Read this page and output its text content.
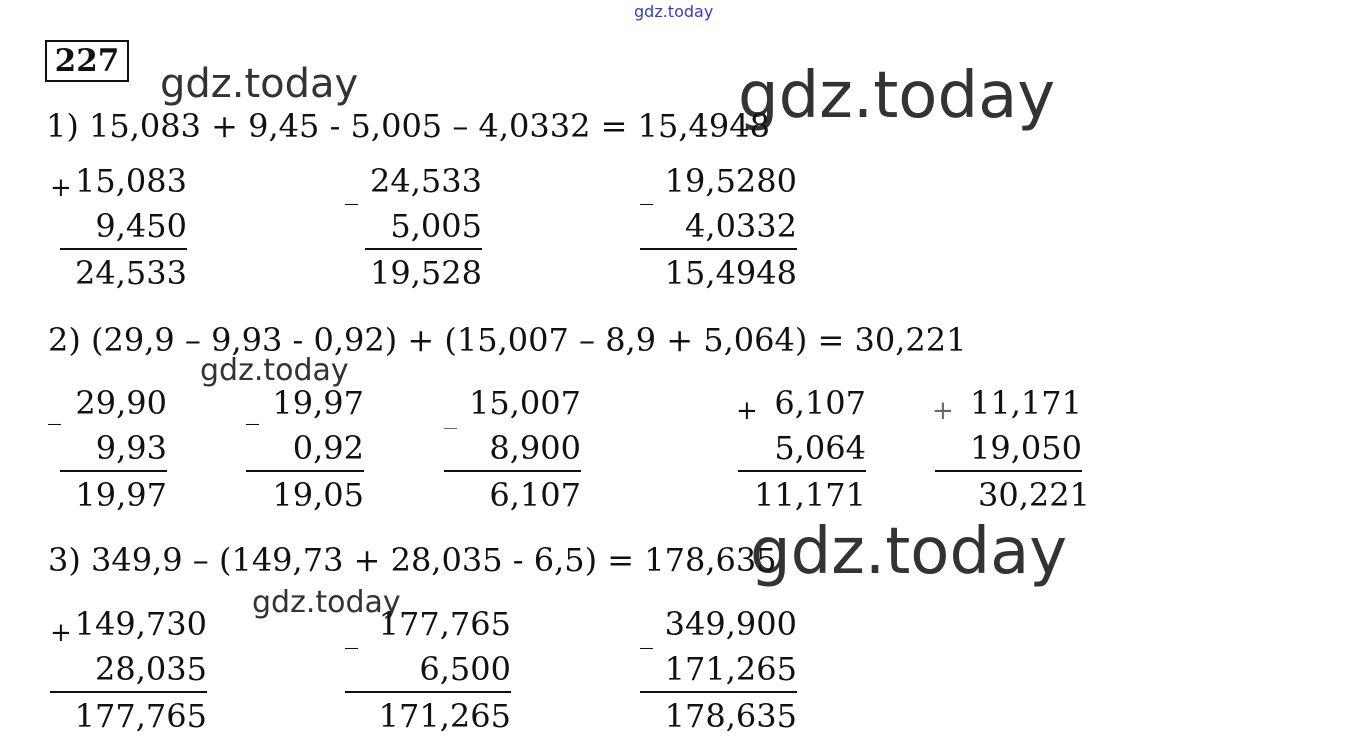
gdz.today
gdz.today	gdz.today
gdz.today
gdz.today
gdz.today
227
1) 15,083 + 9,45 - 5,005 – 4,0332 = 15,4948
+ 15,083
9,450
24,533
_ 24,533
5,005
19,528
_ 19,5280
4,0332
15,4948
2) (29,9 – 9,93 - 0,92) + (15,007 – 8,9 + 5,064) = 30,221
_ 29,90
9,93
19,97
_ 19,97
0,92
19,05
_ 15,007
8,900
6,107
+ 6,107
5,064
11,171
+ 11,171
19,050
30,221
3) 349,9 – (149,73 + 28,035 - 6,5) = 178,635
+ 149,730
28,035
177,765
_ 177,765
6,500
171,265
_ 349,900
171,265
178,635
